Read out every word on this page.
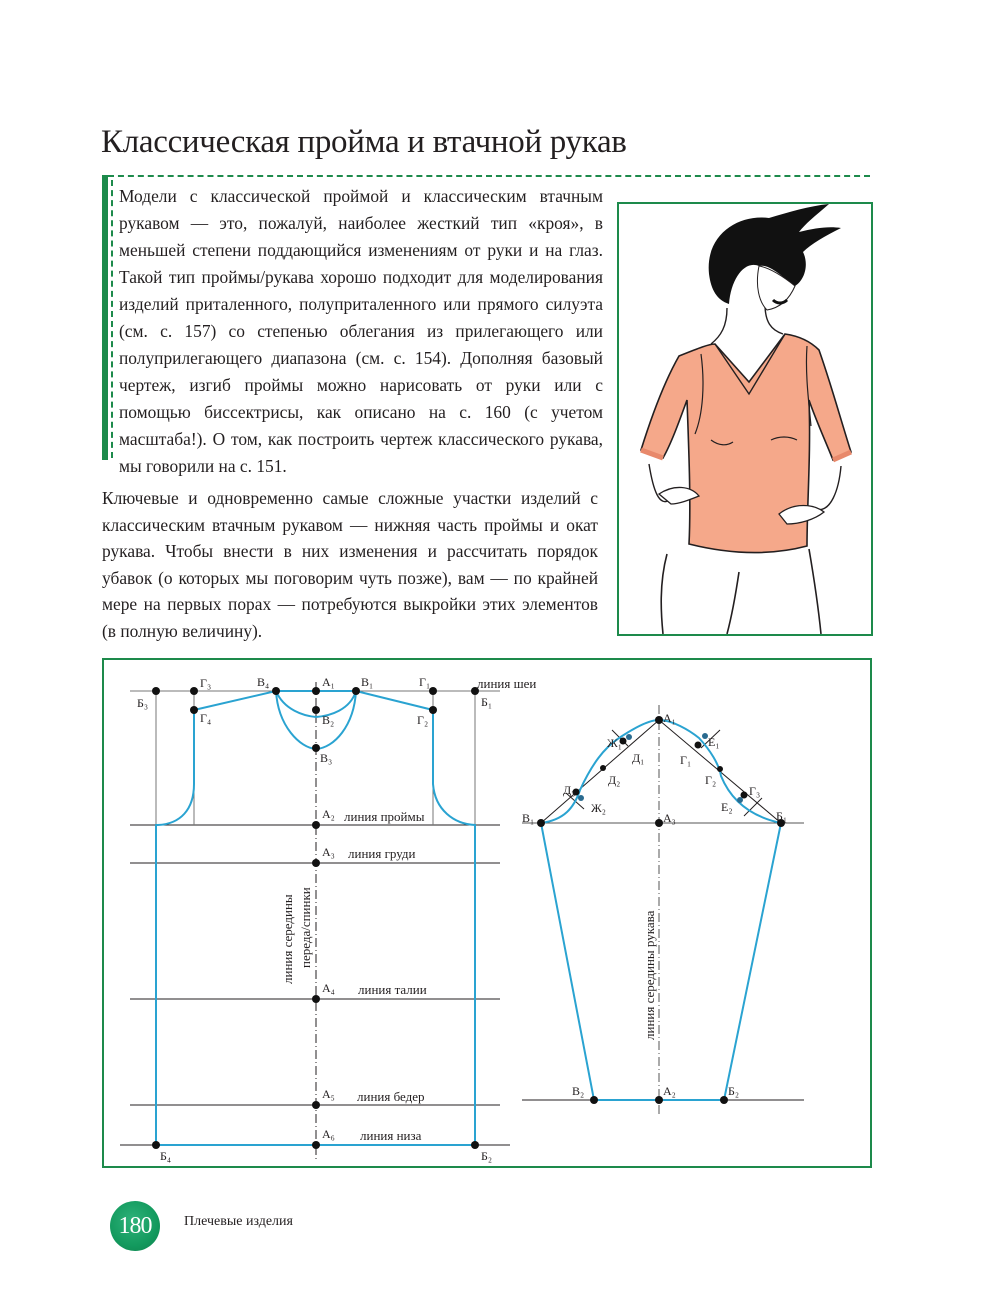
Классическая пройма и втачной рукав

Модели с классической проймой и классическим втачным рукавом — это, пожалуй, наиболее жесткий тип «кроя», в меньшей степени поддающийся изменениям от руки и на глаз. Такой тип проймы/рукава хорошо подходит для моделирования изделий приталенного, полуприталенного или прямого силуэта (см. с. 157) со степенью облегания из прилегающего или полуприлегающего диапазона (см. с. 154). Дополняя базовый чертеж, изгиб проймы можно нарисовать от руки или с помощью биссектрисы, как описано на с. 160 (с учетом масштаба!). О том, как построить чертеж классического рукава, мы говорили на с. 151.

Ключевые и одновременно самые сложные участки изделий с классическим втачным рукавом — нижняя часть проймы и окат рукава. Чтобы внести в них изменения и рассчитать порядок убавок (о которых мы поговорим чуть позже), вам — по крайней мере на первых порах — потребуются выкройки этих элементов (в полную величину).

Г₃	В₄	А₁ В₁	Г₁
Б₃	Б₁
Г₄	В₂	Г₂
В₃
А₂
А₃
А₄
А₅
А₆
Б₄	Б₂
линия шеи
линия проймы
линия груди
линия талии
линия бедер
линия низа
линия середины переда/спинки
А₁
Ж₁
Д₁
Е₁
Г₁
Д₂	Г₂
Д₃	Г₃
Ж₂	Е₂
В₁	А₃	Б₁
В₂	А₂	Б₂
линия середины рукава
180	Плечевые изделия
